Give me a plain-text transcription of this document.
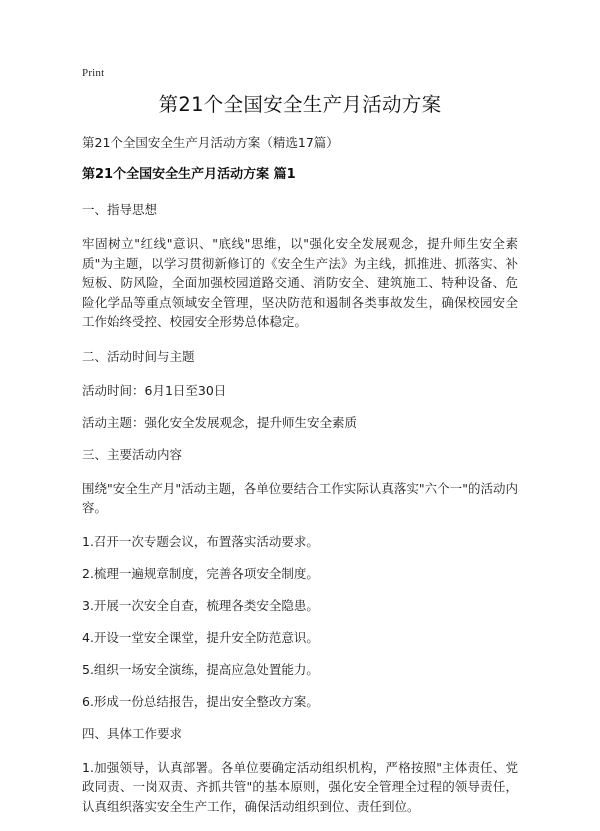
Print
第21个全国安全生产月活动方案

第21个全国安全生产月活动方案（精选17篇）

第21个全国安全生产月活动方案 篇1
一、指导思想

牢固树立"红线"意识、"底线"思维，以"强化安全发展观念，提升师生安全素质"为主题，以学习贯彻新修订的《安全生产法》为主线，抓推进、抓落实、补短板、防风险，全面加强校园道路交通、消防安全、建筑施工、特种设备、危险化学品等重点领域安全管理，坚决防范和遏制各类事故发生，确保校园安全工作始终受控、校园安全形势总体稳定。

二、活动时间与主题

活动时间：6月1日至30日

活动主题：强化安全发展观念，提升师生安全素质

三、主要活动内容

围绕"安全生产月"活动主题，各单位要结合工作实际认真落实"六个一"的活动内容。

1.召开一次专题会议，布置落实活动要求。

2.梳理一遍规章制度，完善各项安全制度。

3.开展一次安全自查，梳理各类安全隐患。

4.开设一堂安全课堂，提升安全防范意识。

5.组织一场安全演练，提高应急处置能力。

6.形成一份总结报告，提出安全整改方案。

四、具体工作要求

1.加强领导，认真部署。各单位要确定活动组织机构，严格按照"主体责任、党政同责、一岗双责、齐抓共管"的基本原则，强化安全管理全过程的领导责任，认真组织落实安全生产工作，确保活动组织到位、责任到位。
